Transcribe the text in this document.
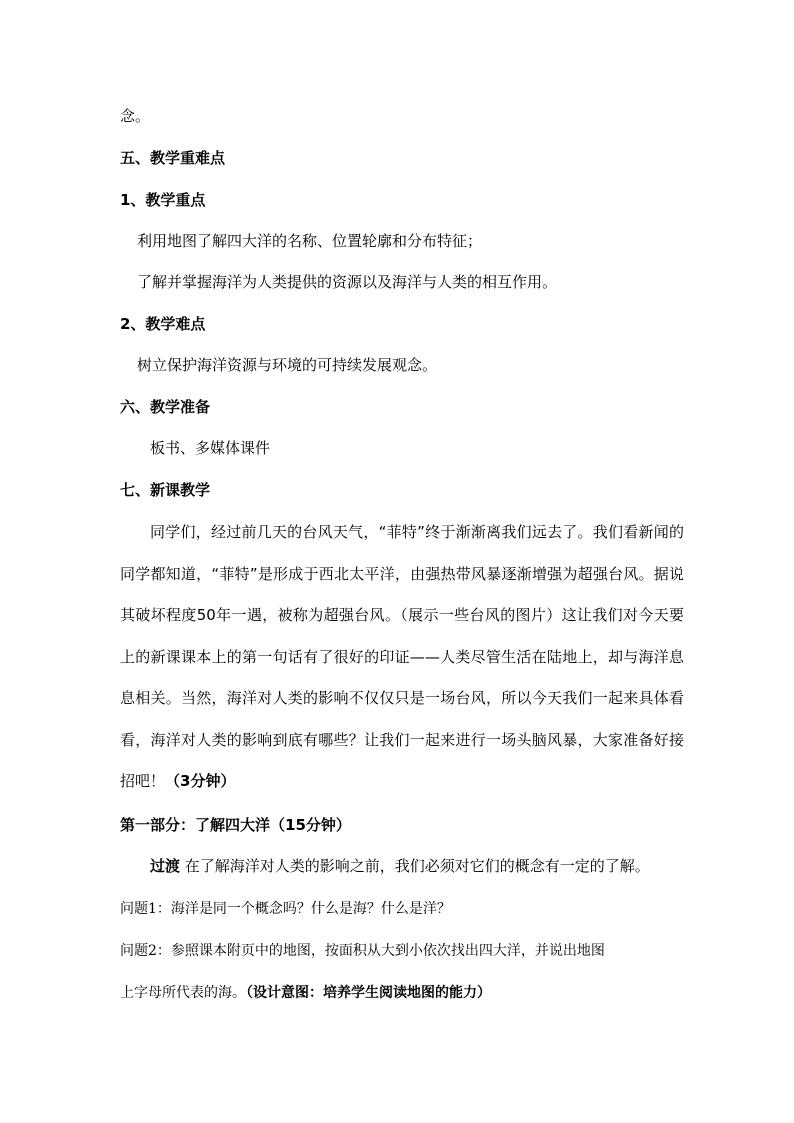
念。
五、教学重难点
1、教学重点
利用地图了解四大洋的名称、位置轮廓和分布特征；
了解并掌握海洋为人类提供的资源以及海洋与人类的相互作用。
2、教学难点
树立保护海洋资源与环境的可持续发展观念。
六、教学准备
板书、多媒体课件
七、新课教学
同学们，经过前几天的台风天气，“菲特”终于渐渐离我们远去了。我们看新闻的同学都知道，“菲特”是形成于西北太平洋，由强热带风暴逐渐增强为超强台风。据说其破坏程度50年一遇，被称为超强台风。（展示一些台风的图片）这让我们对今天要上的新课课本上的第一句话有了很好的印证——人类尽管生活在陆地上，却与海洋息息相关。当然，海洋对人类的影响不仅仅只是一场台风，所以今天我们一起来具体看看，海洋对人类的影响到底有哪些？让我们一起来进行一场头脑风暴，大家准备好接招吧！（3分钟）
第一部分：了解四大洋（15分钟）
过渡 在了解海洋对人类的影响之前，我们必须对它们的概念有一定的了解。
问题1：海洋是同一个概念吗？什么是海？什么是洋？
问题2：参照课本附页中的地图，按面积从大到小依次找出四大洋，并说出地图
上字母所代表的海。（设计意图：培养学生阅读地图的能力）
